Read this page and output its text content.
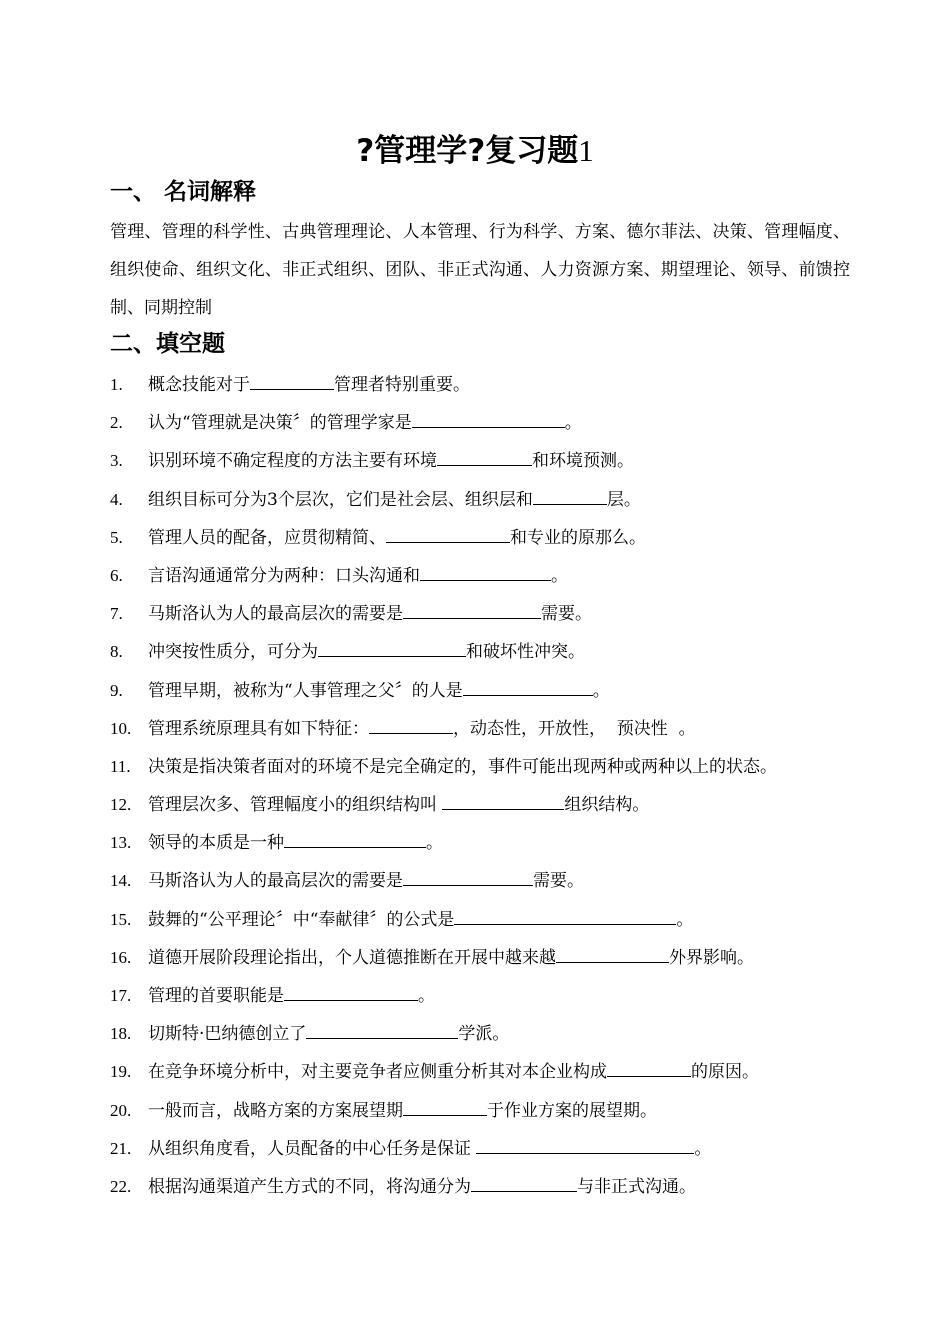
?管理学?复习题1
一、 名词解释
管理、管理的科学性、古典管理理论、人本管理、行为科学、方案、德尔菲法、决策、管理幅度、组织使命、组织文化、非正式组织、团队、非正式沟通、人力资源方案、期望理论、领导、前馈控制、同期控制
二、填空题
1. 概念技能对于	管理者特别重要。
2. 认为“管理就是决策〞的管理学家是	。
3. 识别环境不确定程度的方法主要有环境	和环境预测。
4. 组织目标可分为3个层次，它们是社会层、组织层和	层。
5. 管理人员的配备，应贯彻精简、	和专业的原那么。
6. 言语沟通通常分为两种：口头沟通和	。
7. 马斯洛认为人的最高层次的需要是	需要。
8. 冲突按性质分，可分为	和破坏性冲突。
9. 管理早期，被称为“人事管理之父〞的人是	。
10. 管理系统原理具有如下特征：	，动态性，开放性，  预决性  。
11. 决策是指决策者面对的环境不是完全确定的，事件可能出现两种或两种以上的状态。
12. 管理层次多、管理幅度小的组织结构叫	组织结构。
13. 领导的本质是一种	。
14. 马斯洛认为人的最高层次的需要是	需要。
15. 鼓舞的“公平理论〞中“奉献律〞的公式是	。
16. 道德开展阶段理论指出，个人道德推断在开展中越来越	外界影响。
17. 管理的首要职能是	。
18. 切斯特·巴纳德创立了	学派。
19. 在竞争环境分析中，对主要竞争者应侧重分析其对本企业构成	的原因。
20. 一般而言，战略方案的方案展望期	于作业方案的展望期。
21. 从组织角度看，人员配备的中心任务是保证	。
22. 根据沟通渠道产生方式的不同，将沟通分为	与非正式沟通。
